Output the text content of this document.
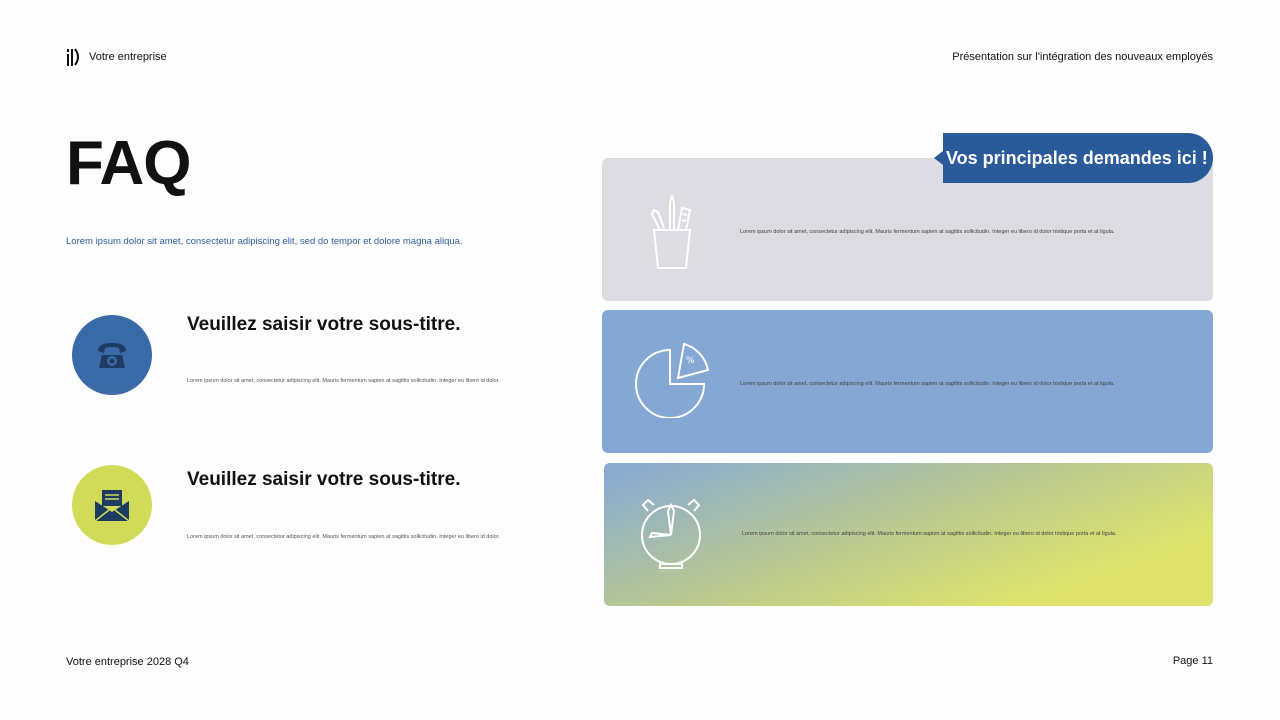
Votre entreprise	Présentation sur l'intégration des nouveaux employés
FAQ
Lorem ipsum dolor sit amet, consectetur adipiscing elit, sed do tempor et dolore magna aliqua.
Veuillez saisir votre sous-titre.
Lorem ipsum dolor sit amet, consectetur adipiscing elit. Mauris fermentum sapien at sagittis sollicitudin. Integer eu libero id dolor.
Veuillez saisir votre sous-titre.
Lorem ipsum dolor sit amet, consectetur adipiscing elit. Mauris fermentum sapien at sagittis sollicitudin. Integer eu libero id dolor.
Lorem ipsum dolor sit amet, consectetur adipiscing elit. Mauris fermentum sapien at sagittis sollicitudin. Integer eu libero id dolor tristique porta et at ligula.
%
Lorem ipsum dolor sit amet, consectetur adipiscing elit. Mauris fermentum sapien at sagittis sollicitudin. Integer eu libero id dolor tristique porta et at ligula.
Lorem ipsum dolor sit amet, consectetur adipiscing elit. Mauris fermentum sapien at sagittis sollicitudin. Integer eu libero id dolor tristique porta et at ligula.
Vos principales demandes ici !
Votre entreprise 2028 Q4	Page 11
